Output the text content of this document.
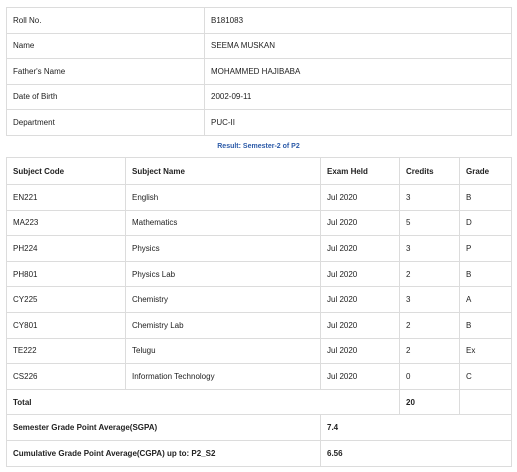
Roll No.	B181083
Name	SEEMA MUSKAN
Father's Name	MOHAMMED HAJIBABA
Date of Birth	2002-09-11
Department	PUC-II
Result: Semester-2 of P2
Subject Code	Subject Name	Exam Held	Credits	Grade
EN221	English	Jul 2020	3	B
MA223	Mathematics	Jul 2020	5	D
PH224	Physics	Jul 2020	3	P
PH801	Physics Lab	Jul 2020	2	B
CY225	Chemistry	Jul 2020	3	A
CY801	Chemistry Lab	Jul 2020	2	B
TE222	Telugu	Jul 2020	2	Ex
CS226	Information Technology	Jul 2020	0	C
Total			20	
Semester Grade Point Average(SGPA)		7.4		
Cumulative Grade Point Average(CGPA) up to: P2_S2		6.56		
